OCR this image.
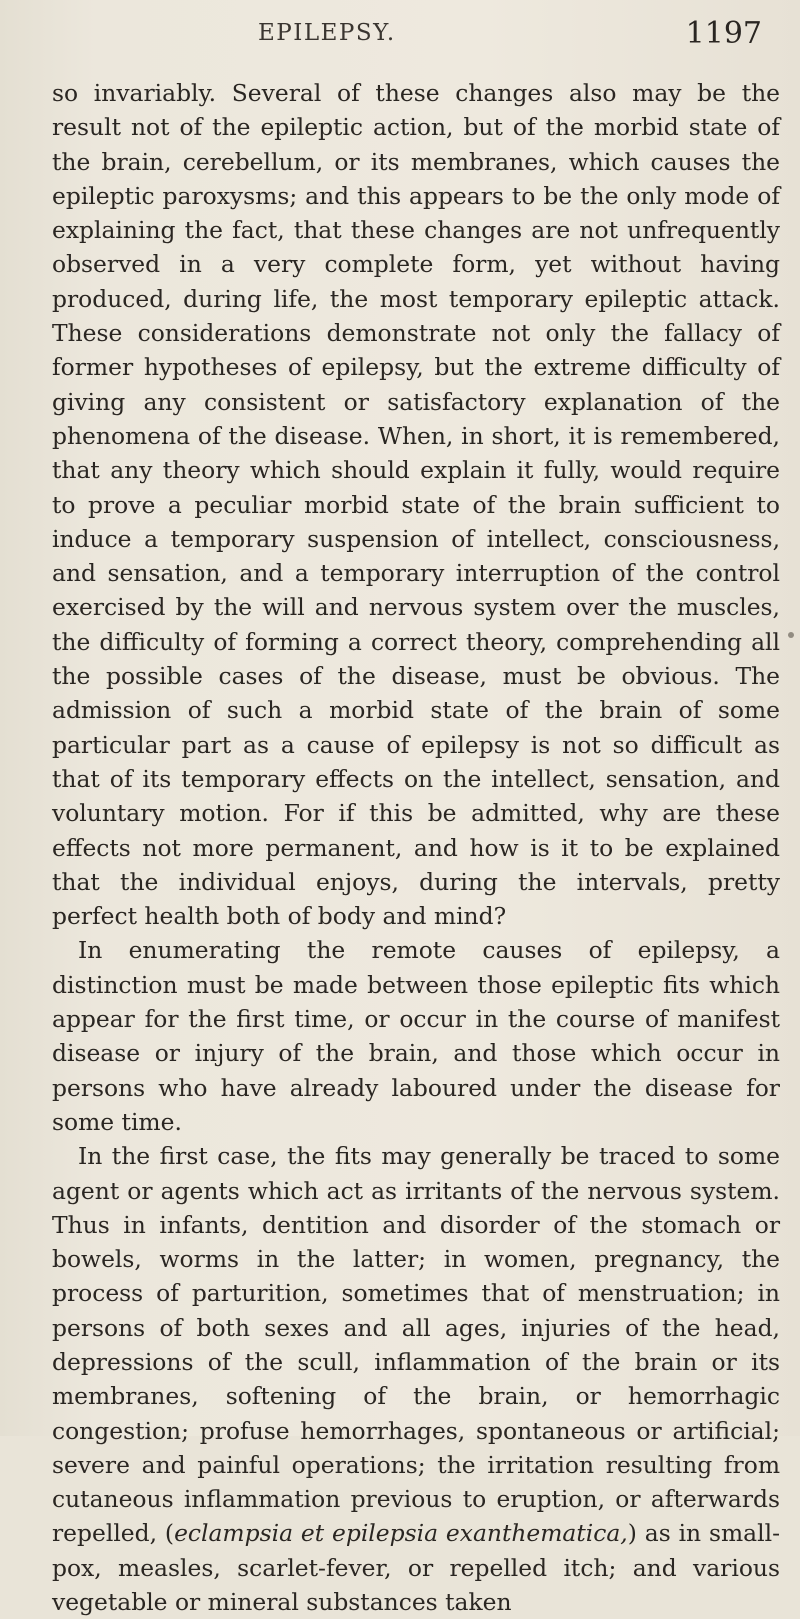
EPILEPSY.	1197

so invariably. Several of these changes also may be the result not of the epileptic action, but of the morbid state of the brain, cerebellum, or its membranes, which causes the epileptic paroxysms; and this appears to be the only mode of explaining the fact, that these changes are not unfrequently observed in a very complete form, yet without having produced, during life, the most temporary epileptic attack. These considerations demonstrate not only the fallacy of former hypotheses of epilepsy, but the extreme difficulty of giving any consistent or satisfactory explanation of the phenomena of the disease. When, in short, it is remembered, that any theory which should explain it fully, would require to prove a peculiar morbid state of the brain sufficient to induce a temporary suspension of intellect, consciousness, and sensation, and a temporary interruption of the control exercised by the will and nervous system over the muscles, the difficulty of forming a correct theory, comprehending all the possible cases of the disease, must be obvious. The admission of such a morbid state of the brain of some particular part as a cause of epilepsy is not so difficult as that of its temporary effects on the intellect, sensation, and voluntary motion. For if this be admitted, why are these effects not more permanent, and how is it to be explained that the individual enjoys, during the intervals, pretty perfect health both of body and mind?

In enumerating the remote causes of epilepsy, a distinction must be made between those epileptic fits which appear for the first time, or occur in the course of manifest disease or injury of the brain, and those which occur in persons who have already laboured under the disease for some time.

In the first case, the fits may generally be traced to some agent or agents which act as irritants of the nervous system. Thus in infants, dentition and disorder of the stomach or bowels, worms in the latter; in women, pregnancy, the process of parturition, sometimes that of menstruation; in persons of both sexes and all ages, injuries of the head, depressions of the scull, inflammation of the brain or its membranes, softening of the brain, or hemorrhagic congestion; profuse hemorrhages, spontaneous or artificial; severe and painful operations; the irritation resulting from cutaneous inflammation previous to eruption, or afterwards repelled, (eclampsia et epilepsia exanthematica,) as in small-pox, measles, scarlet-fever, or repelled itch; and various vegetable or mineral substances taken
